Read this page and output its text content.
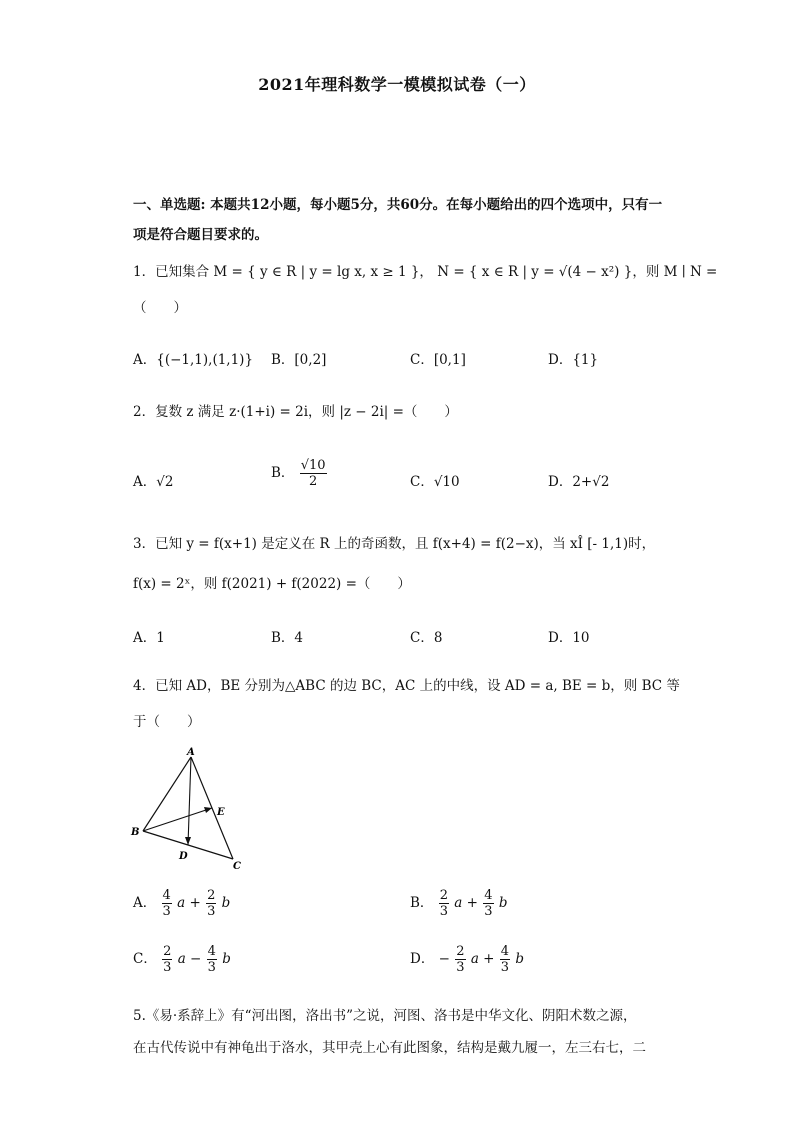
2021年理科数学一模模拟试卷（一）
一、单选题: 本题共12小题，每小题5分，共60分。在每小题给出的四个选项中，只有一项是符合题目要求的。
1．已知集合 M = { y ∈ R | y = lg x, x ≥ 1 }， N = { x ∈ R | y = √(4 − x²) }，则 M ∣ N =
（　　）
A．{(−1,1),(1,1)} B．[0,2]	C．[0,1]	D．{1}
2．复数 z 满足 z·(1+i) = 2i，则 |z − 2i| =（　　）
A．√2
B． $\frac{√10}{2}$	C．√10	D．2+√2
3．已知 y = f(x+1) 是定义在 R 上的奇函数，且 f(x+4) = f(2−x)，当 xÎ [- 1,1)时，
f(x) = 2ˣ，则 f(2021) + f(2022) =（　　）
A．1	B．4	C．8	D．10
4．已知 AD，BE 分别为△ABC 的边 BC，AC 上的中线，设 AD = a, BE = b，则 BC 等
于（　　）
A
B
C
D
E
A． $\frac{4}{3}$ $a + \frac{2}{3}$ b	B． $\frac{2}{3}$ $a + \frac{4}{3}$ b
C． $\frac{2}{3}$ $a - \frac{4}{3}$ b	D． − $\frac{2}{3}$ $a + \frac{4}{3}$ b
5.《易·系辞上》有“河出图，洛出书”之说，河图、洛书是中华文化、阴阳术数之源，
在古代传说中有神龟出于洛水，其甲壳上心有此图象，结构是戴九履一，左三右七，二
